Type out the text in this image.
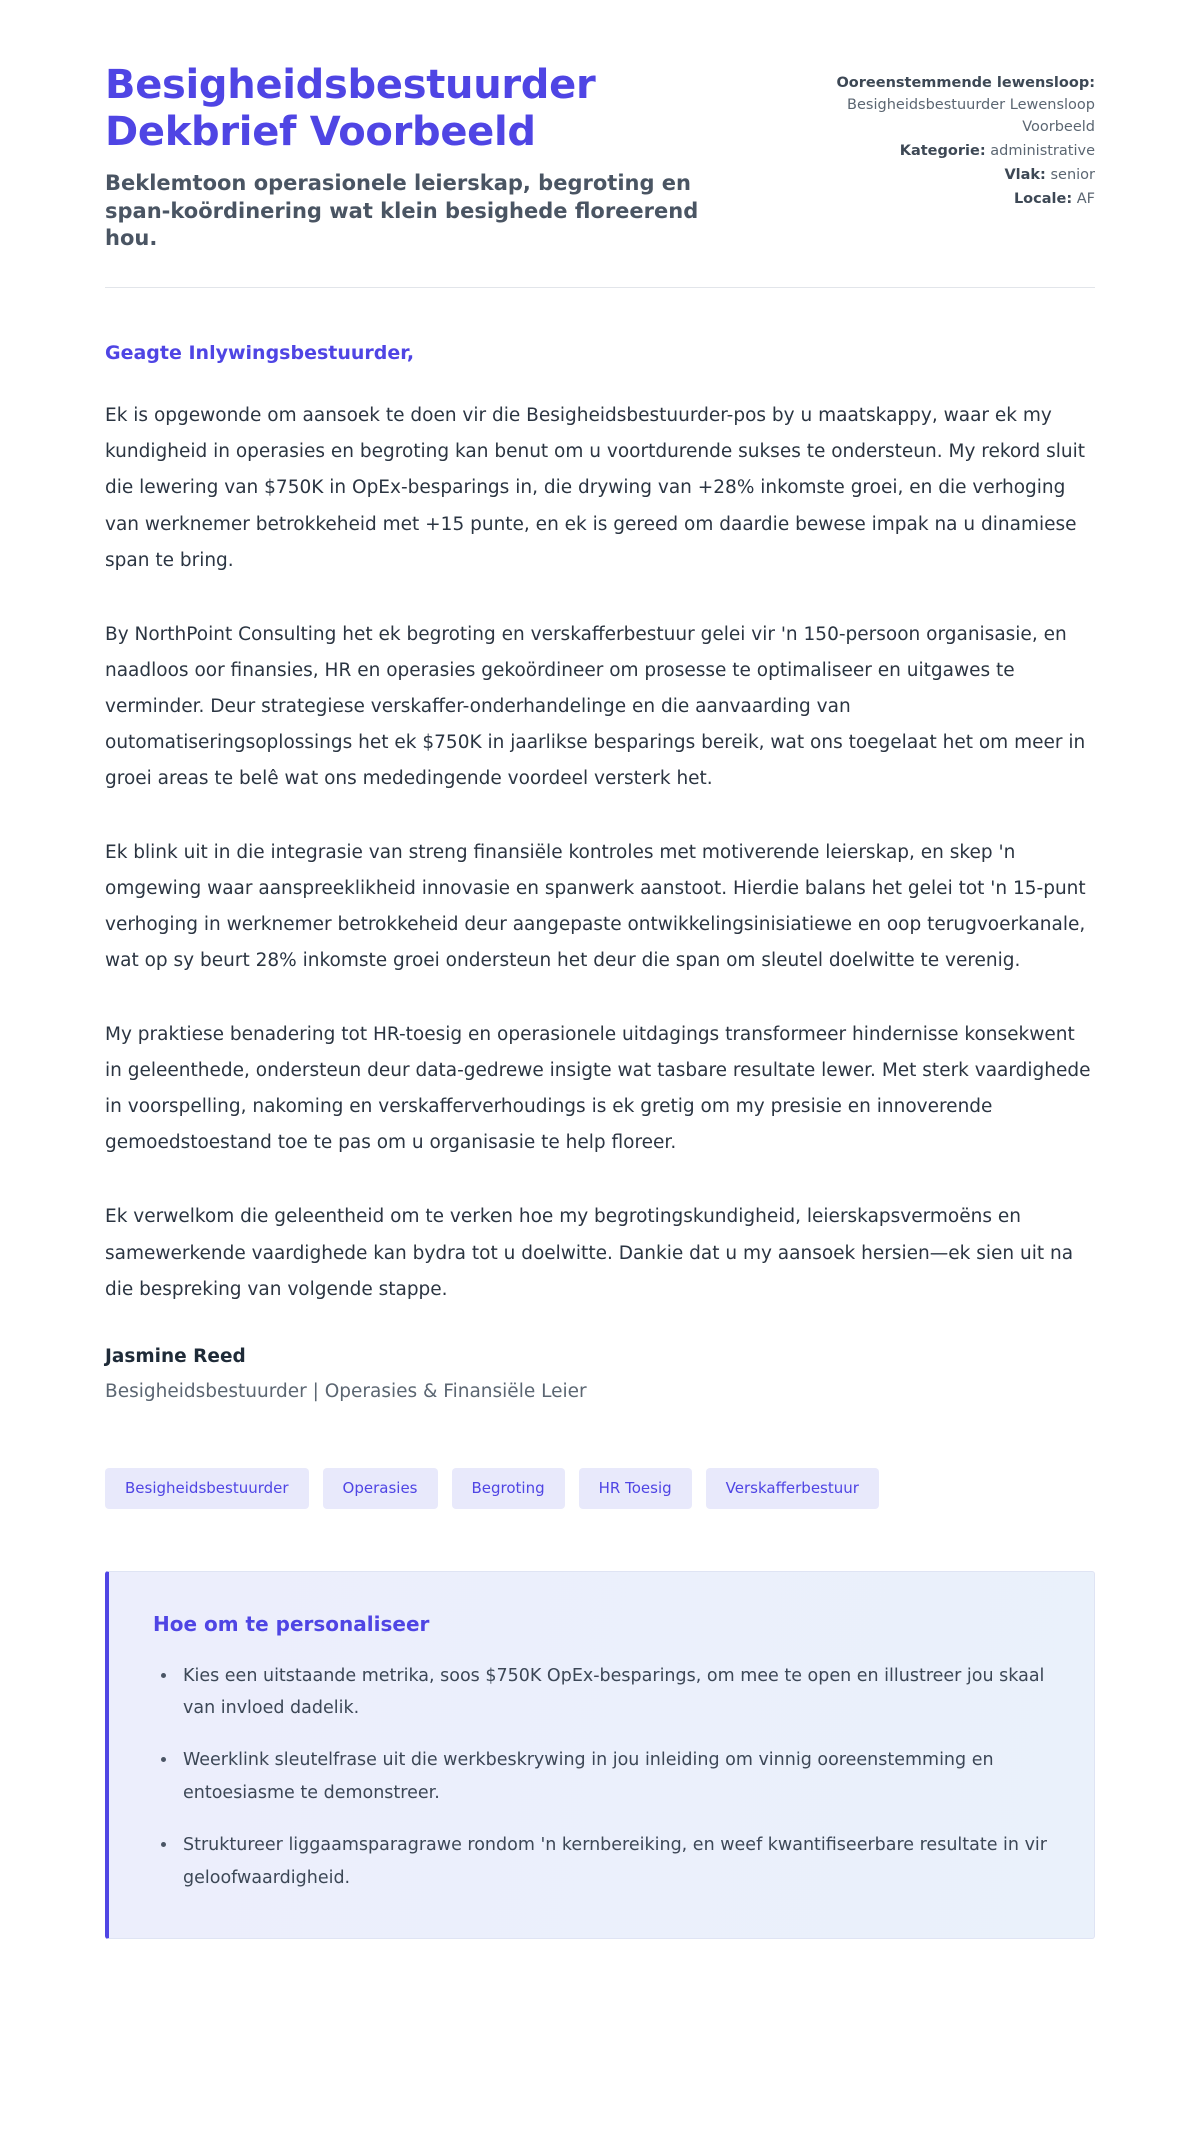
Besigheidsbestuurder Dekbrief Voorbeeld

Beklemtoon operasionele leierskap, begroting en span-koördinering wat klein besighede floreerend hou.

Ooreenstemmende lewensloop:
Besigheidsbestuurder Lewensloop Voorbeeld
Kategorie: administrative
Vlak: senior
Locale: AF

Geagte Inlywingsbestuurder,

Ek is opgewonde om aansoek te doen vir die Besigheidsbestuurder-pos by u maatskappy, waar ek my kundigheid in operasies en begroting kan benut om u voortdurende sukses te ondersteun. My rekord sluit die lewering van $750K in OpEx-besparings in, die drywing van +28% inkomste groei, en die verhoging van werknemer betrokkeheid met +15 punte, en ek is gereed om daardie bewese impak na u dinamiese span te bring.

By NorthPoint Consulting het ek begroting en verskafferbestuur gelei vir 'n 150-persoon organisasie, en naadloos oor finansies, HR en operasies gekoördineer om prosesse te optimaliseer en uitgawes te verminder. Deur strategiese verskaffer-onderhandelinge en die aanvaarding van outomatiseringsoplossings het ek $750K in jaarlikse besparings bereik, wat ons toegelaat het om meer in groei areas te belê wat ons mededingende voordeel versterk het.

Ek blink uit in die integrasie van streng finansiële kontroles met motiverende leierskap, en skep 'n omgewing waar aanspreeklikheid innovasie en spanwerk aanstoot. Hierdie balans het gelei tot 'n 15-punt verhoging in werknemer betrokkeheid deur aangepaste ontwikkelingsinisiatiewe en oop terugvoerkanale, wat op sy beurt 28% inkomste groei ondersteun het deur die span om sleutel doelwitte te verenig.

My praktiese benadering tot HR-toesig en operasionele uitdagings transformeer hindernisse konsekwent in geleenthede, ondersteun deur data-gedrewe insigte wat tasbare resultate lewer. Met sterk vaardighede in voorspelling, nakoming en verskafferverhoudings is ek gretig om my presisie en innoverende gemoedstoestand toe te pas om u organisasie te help floreer.

Ek verwelkom die geleentheid om te verken hoe my begrotingskundigheid, leierskapsvermoëns en samewerkende vaardighede kan bydra tot u doelwitte. Dankie dat u my aansoek hersien—ek sien uit na die bespreking van volgende stappe.

Jasmine Reed

Besigheidsbestuurder | Operasies & Finansiële Leier

Besigheidsbestuurder	Operasies	Begroting	HR Toesig	Verskafferbestuur
Hoe om te personaliseer
Kies een uitstaande metrika, soos $750K OpEx-besparings, om mee te open en illustreer jou skaal van invloed dadelik.
Weerklink sleutelfrase uit die werkbeskrywing in jou inleiding om vinnig ooreenstemming en entoesiasme te demonstreer.
Struktureer liggaamsparagrawe rondom 'n kernbereiking, en weef kwantifiseerbare resultate in vir geloofwaardigheid.
